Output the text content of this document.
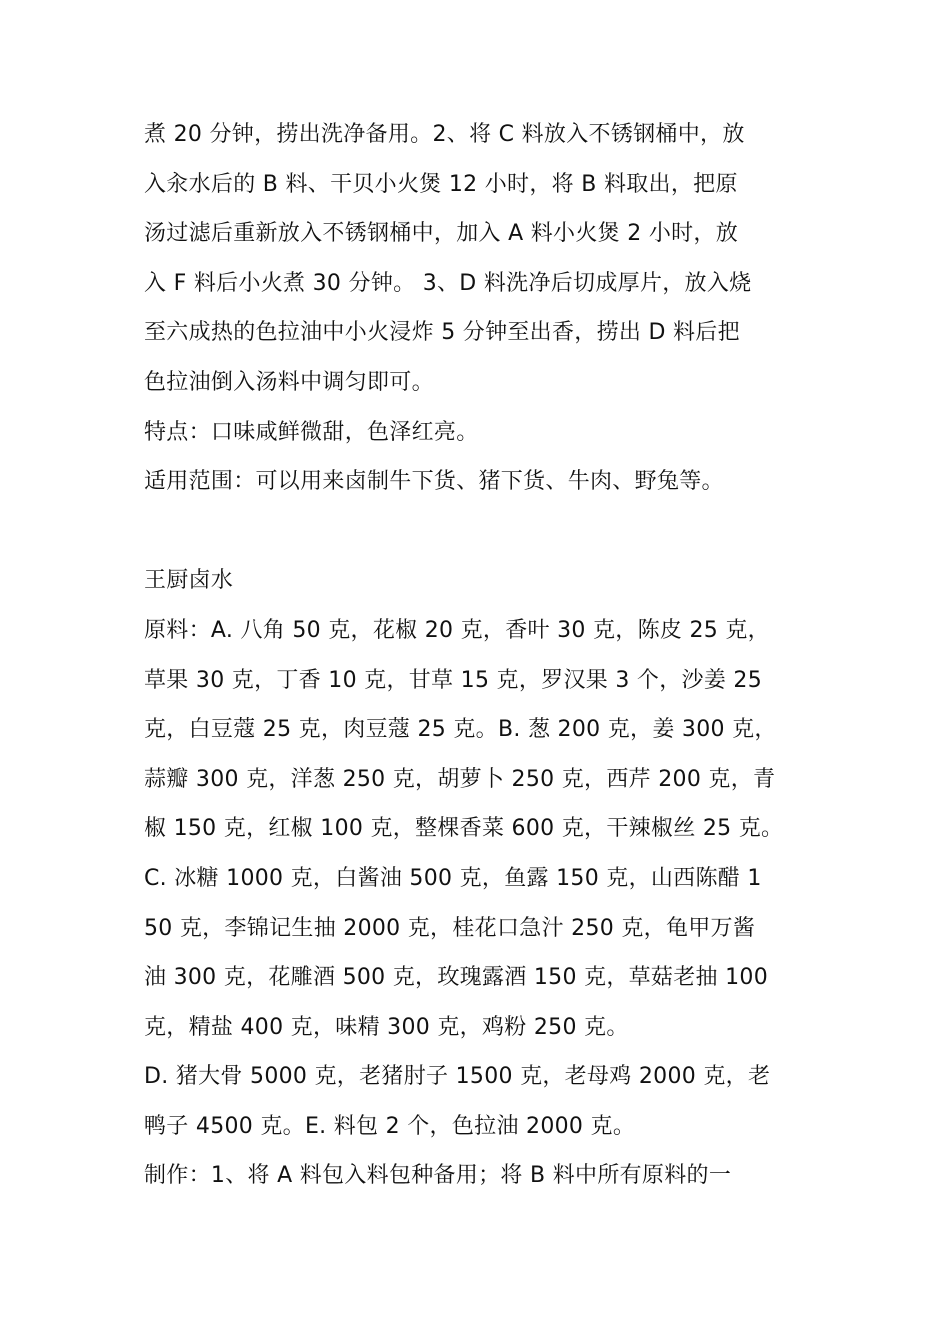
煮 20 分钟，捞出洗净备用。2、将 C 料放入不锈钢桶中，放
入汆水后的 B 料、干贝小火煲 12 小时，将 B 料取出，把原
汤过滤后重新放入不锈钢桶中，加入 A 料小火煲 2 小时，放
入 F 料后小火煮 30 分钟。 3、D 料洗净后切成厚片，放入烧
至六成热的色拉油中小火浸炸 5 分钟至出香，捞出 D 料后把
色拉油倒入汤料中调匀即可。
特点：口味咸鲜微甜，色泽红亮。
适用范围：可以用来卤制牛下货、猪下货、牛肉、野兔等。
王厨卤水
原料：A. 八角 50 克，花椒 20 克，香叶 30 克，陈皮 25 克，
草果 30 克，丁香 10 克，甘草 15 克，罗汉果 3 个，沙姜 25
克，白豆蔻 25 克，肉豆蔻 25 克。B. 葱 200 克，姜 300 克，
蒜瓣 300 克，洋葱 250 克，胡萝卜 250 克，西芹 200 克，青
椒 150 克，红椒 100 克，整棵香菜 600 克，干辣椒丝 25 克。
C. 冰糖 1000 克，白酱油 500 克，鱼露 150 克，山西陈醋 1
50 克，李锦记生抽 2000 克，桂花口急汁 250 克，龟甲万酱
油 300 克，花雕酒 500 克，玫瑰露酒 150 克，草菇老抽 100
克，精盐 400 克，味精 300 克，鸡粉 250 克。
D. 猪大骨 5000 克，老猪肘子 1500 克，老母鸡 2000 克，老
鸭子 4500 克。E. 料包 2 个，色拉油 2000 克。
制作：1、将 A 料包入料包种备用；将 B 料中所有原料的一
